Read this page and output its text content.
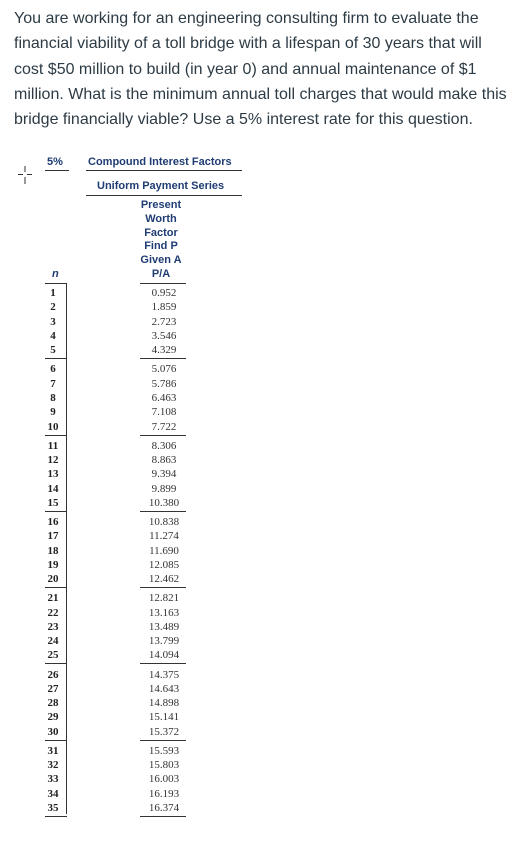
You are working for an engineering consulting firm to evaluate the financial viability of a toll bridge with a lifespan of 30 years that will cost $50 million to build (in year 0) and annual maintenance of $1 million. What is the minimum annual toll charges that would make this bridge financially viable? Use a 5% interest rate for this question.

5% Compound Interest Factors
Uniform Payment Series
Present
Worth
Factor
Find P
Given A
P/A
n
1	0.952
2	1.859
3	2.723
4	3.546
5	4.329
6	5.076
7	5.786
8	6.463
9	7.108
10	7.722
11	8.306
12	8.863
13	9.394
14	9.899
15	10.380
16	10.838
17	11.274
18	11.690
19	12.085
20	12.462
21	12.821
22	13.163
23	13.489
24	13.799
25	14.094
26	14.375
27	14.643
28	14.898
29	15.141
30	15.372
31	15.593
32	15.803
33	16.003
34	16.193
35	16.374
